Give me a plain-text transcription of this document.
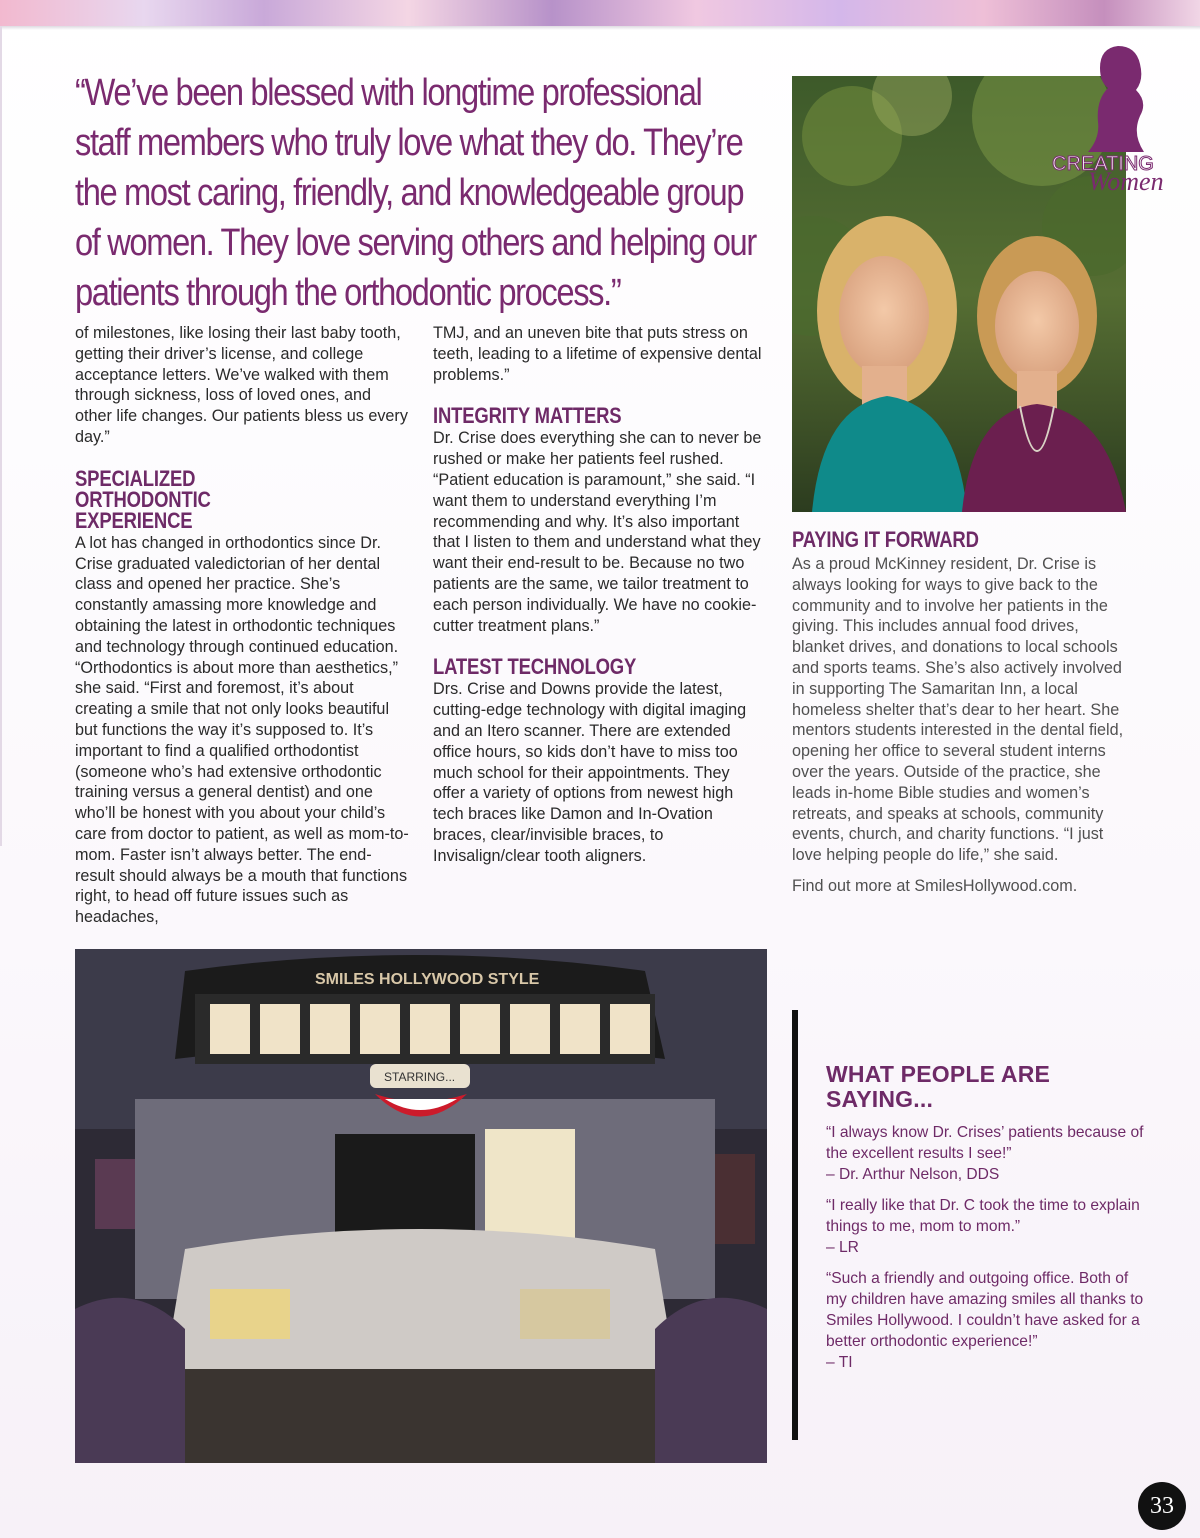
“We’ve been blessed with longtime professional staff members who truly love what they do. They’re the most caring, friendly, and knowledgeable group of women. They love serving others and helping our patients through the orthodontic process.”

of milestones, like losing their last baby tooth, getting their driver’s license, and college acceptance letters. We’ve walked with them through sickness, loss of loved ones, and other life changes. Our patients bless us every day.”

SPECIALIZED ORTHODONTIC EXPERIENCE

A lot has changed in orthodontics since Dr. Crise graduated valedictorian of her dental class and opened her practice. She’s constantly amassing more knowledge and obtaining the latest in orthodontic techniques and technology through continued education. “Orthodontics is about more than aesthetics,” she said. “First and foremost, it’s about creating a smile that not only looks beautiful but functions the way it’s supposed to. It’s important to find a qualified orthodontist (someone who’s had extensive orthodontic training versus a general dentist) and one who’ll be honest with you about your child’s care from doctor to patient, as well as mom-to-mom. Faster isn’t always better. The end-result should always be a mouth that functions right, to head off future issues such as headaches,

TMJ, and an uneven bite that puts stress on teeth, leading to a lifetime of expensive dental problems.”

INTEGRITY MATTERS

Dr. Crise does everything she can to never be rushed or make her patients feel rushed. “Patient education is paramount,” she said. “I want them to understand everything I’m recommending and why. It’s also important that I listen to them and understand what they want their end-result to be. Because no two patients are the same, we tailor treatment to each person individually. We have no cookie-cutter treatment plans.”

LATEST TECHNOLOGY

Drs. Crise and Downs provide the latest, cutting-edge technology with digital imaging and an Itero scanner. There are extended office hours, so kids don’t have to miss too much school for their appointments. They offer a variety of options from newest high tech braces like Damon and In-Ovation braces, clear/invisible braces, to Invisalign/clear tooth aligners.

CREATING
Women
PAYING IT FORWARD

As a proud McKinney resident, Dr. Crise is always looking for ways to give back to the community and to involve her patients in the giving. This includes annual food drives, blanket drives, and donations to local schools and sports teams. She’s also actively involved in supporting The Samaritan Inn, a local homeless shelter that’s dear to her heart. She mentors students interested in the dental field, opening her office to several student interns over the years. Outside of the practice, she leads in-home Bible studies and women’s retreats, and speaks at schools, community events, church, and charity functions. “I just love helping people do life,” she said.

Find out more at SmilesHollywood.com.

SMILES HOLLYWOOD STYLE
STARRING...	WHAT PEOPLE ARE SAYING...
“I always know Dr. Crises’ patients because of the excellent results I see!”
– Dr. Arthur Nelson, DDS
“I really like that Dr. C took the time to explain things to me, mom to mom.”
– LR
“Such a friendly and outgoing office. Both of my children have amazing smiles all thanks to Smiles Hollywood. I couldn’t have asked for a better orthodontic experience!”
– TI
33
